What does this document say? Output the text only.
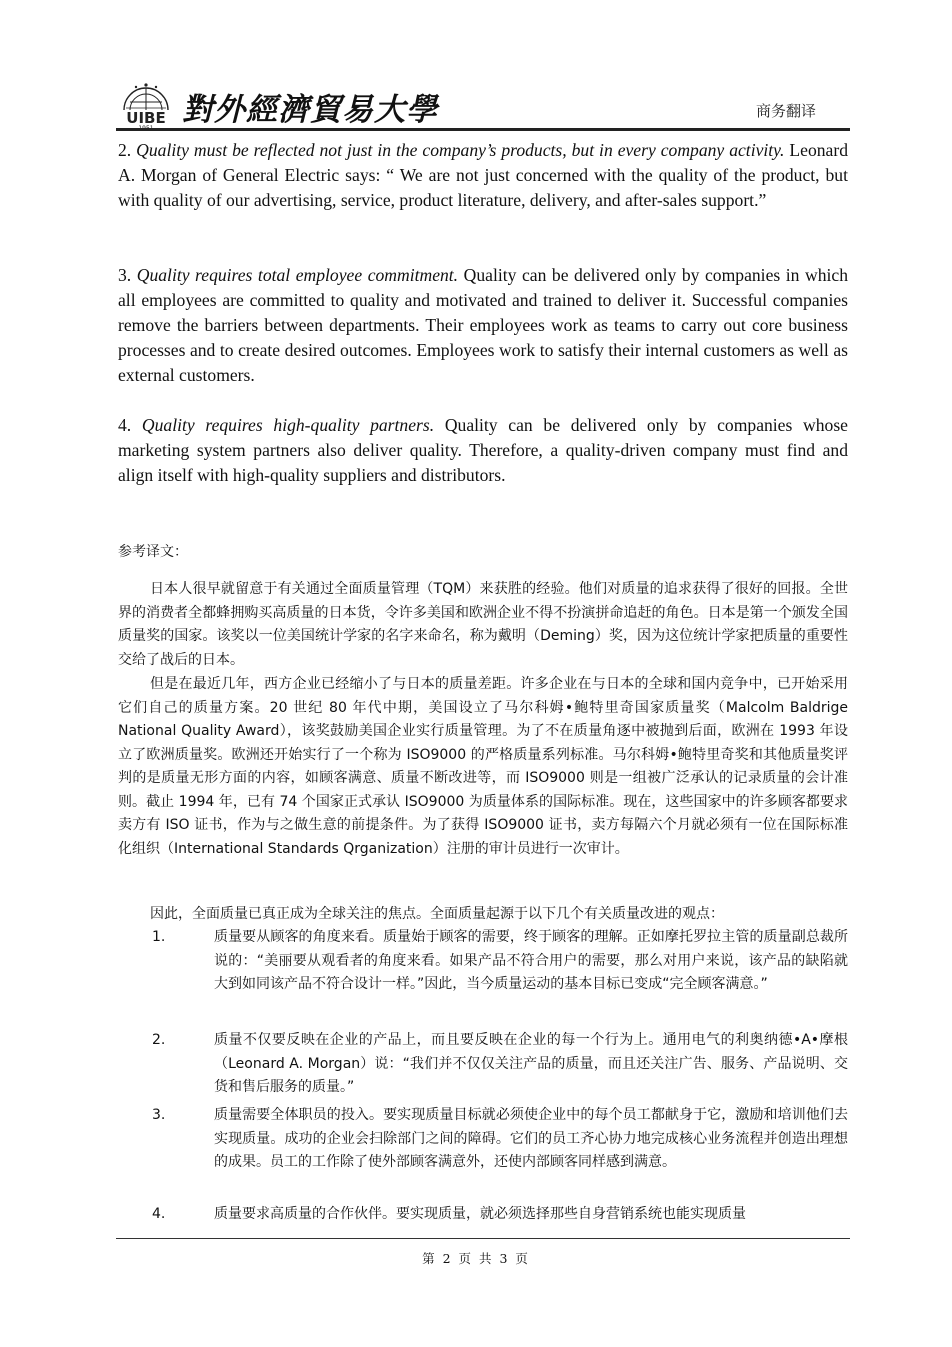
UIBE 對外經濟貿易大學	商务翻译
2. Quality must be reflected not just in the company’s products, but in every company activity. Leonard A. Morgan of General Electric says: “ We are not just concerned with the quality of the product, but with quality of our advertising, service, product literature, delivery, and after-sales support.”
3. Quality requires total employee commitment. Quality can be delivered only by companies in which all employees are committed to quality and motivated and trained to deliver it. Successful companies remove the barriers between departments. Their employees work as teams to carry out core business processes and to create desired outcomes. Employees work to satisfy their internal customers as well as external customers.
4. Quality requires high-quality partners. Quality can be delivered only by companies whose marketing system partners also deliver quality. Therefore, a quality-driven company must find and align itself with high-quality suppliers and distributors.
参考译文：
日本人很早就留意于有关通过全面质量管理（TQM）来获胜的经验。他们对质量的追求获得了很好的回报。全世界的消费者全都蜂拥购买高质量的日本货，令许多美国和欧洲企业不得不扮演拼命追赶的角色。日本是第一个颁发全国质量奖的国家。该奖以一位美国统计学家的名字来命名，称为戴明（Deming）奖，因为这位统计学家把质量的重要性交给了战后的日本。
但是在最近几年，西方企业已经缩小了与日本的质量差距。许多企业在与日本的全球和国内竞争中，已开始采用它们自己的质量方案。20 世纪 80 年代中期，美国设立了马尔科姆•鲍特里奇国家质量奖（Malcolm Baldrige National Quality Award），该奖鼓励美国企业实行质量管理。为了不在质量角逐中被抛到后面，欧洲在 1993 年设立了欧洲质量奖。欧洲还开始实行了一个称为 ISO9000 的严格质量系列标准。马尔科姆•鲍特里奇奖和其他质量奖评判的是质量无形方面的内容，如顾客满意、质量不断改进等，而 ISO9000 则是一组被广泛承认的记录质量的会计准则。截止 1994 年，已有 74 个国家正式承认 ISO9000 为质量体系的国际标准。现在，这些国家中的许多顾客都要求卖方有 ISO 证书，作为与之做生意的前提条件。为了获得 ISO9000 证书，卖方每隔六个月就必须有一位在国际标准化组织（International Standards Qrganization）注册的审计员进行一次审计。
因此，全面质量已真正成为全球关注的焦点。全面质量起源于以下几个有关质量改进的观点：
1.	质量要从顾客的角度来看。质量始于顾客的需要，终于顾客的理解。正如摩托罗拉主管的质量副总裁所说的：“美丽要从观看者的角度来看。如果产品不符合用户的需要，那么对用户来说，该产品的缺陷就大到如同该产品不符合设计一样。”因此，当今质量运动的基本目标已变成“完全顾客满意。”
2.	质量不仅要反映在企业的产品上，而且要反映在企业的每一个行为上。通用电气的利奥纳德•A•摩根（Leonard A. Morgan）说：“我们并不仅仅关注产品的质量，而且还关注广告、服务、产品说明、交货和售后服务的质量。”
3.	质量需要全体职员的投入。要实现质量目标就必须使企业中的每个员工都献身于它，激励和培训他们去实现质量。成功的企业会扫除部门之间的障碍。它们的员工齐心协力地完成核心业务流程并创造出理想的成果。员工的工作除了使外部顾客满意外，还使内部顾客同样感到满意。
4.	质量要求高质量的合作伙伴。要实现质量，就必须选择那些自身营销系统也能实现质量
第 2 页 共 3 页
